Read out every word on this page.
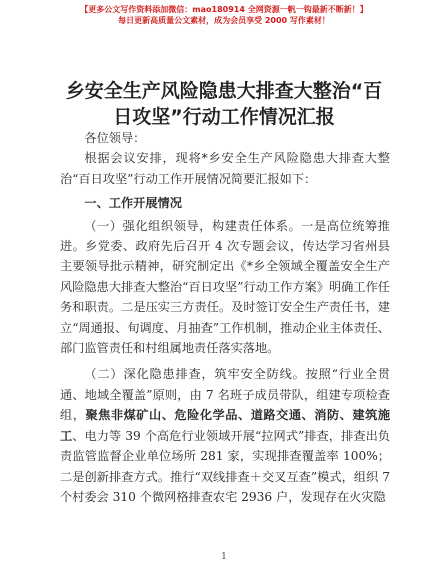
【更多公文写作资料添加微信：mao180914 全网资源一帆一钩最新不断新！】
每日更新高质量公文素材，成为会员享受 2000 写作素材！
乡安全生产风险隐患大排查大整治“百日攻坚”行动工作情况汇报

各位领导：

根据会议安排，现将*乡安全生产风险隐患大排查大整治“百日攻坚”行动工作开展情况简要汇报如下：

一、工作开展情况

（一）强化组织领导，构建责任体系。一是高位统筹推进。乡党委、政府先后召开 4 次专题会议，传达学习省州县主要领导批示精神，研究制定出《*乡全领域全覆盖安全生产风险隐患大排查大整治“百日攻坚”行动工作方案》明确工作任务和职责。二是压实三方责任。及时签订安全生产责任书，建立“周通报、旬调度、月抽查”工作机制，推动企业主体责任、部门监管责任和村组属地责任落实落地。

（二）深化隐患排查，筑牢安全防线。按照“行业全贯通、地域全覆盖”原则，由 7 名班子成员带队，组建专项检查组，聚焦非煤矿山、危险化学品、道路交通、消防、建筑施工、电力等 39 个高危行业领域开展“拉网式”排查，排查出负责监管监督企业单位场所 281 家，实现排查覆盖率 100%；二是创新排查方式。推行“双线排查＋交叉互查”模式，组织 7 个村委会 310 个微网格排查农宅 2936 户，发现存在火灾隐

1
